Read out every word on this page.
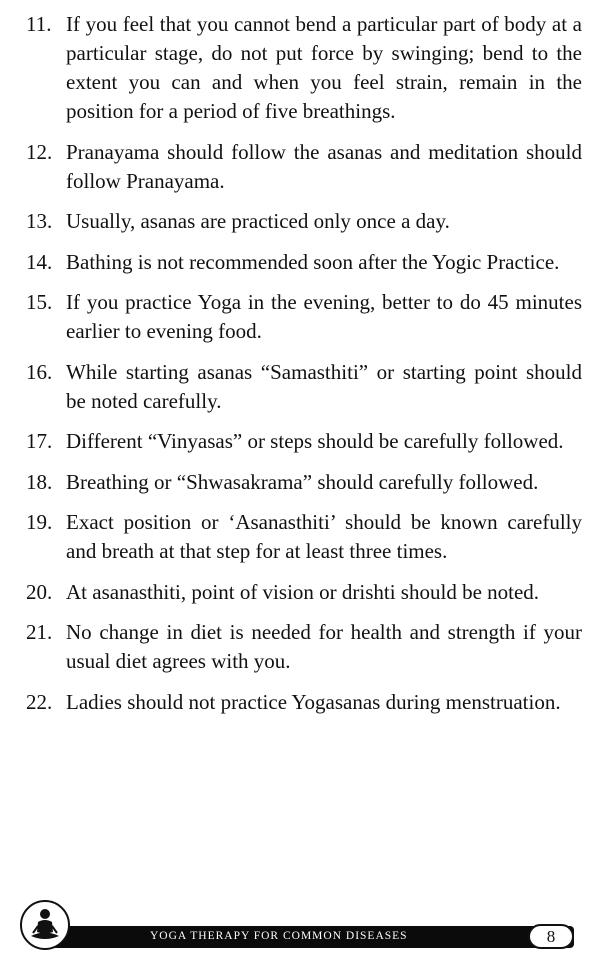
11. If you feel that you cannot bend a particular part of body at a particular stage, do not put force by swinging; bend to the extent you can and when you feel strain, remain in the position for a period of five breathings.
12. Pranayama should follow the asanas and meditation should follow Pranayama.
13. Usually, asanas are practiced only once a day.
14. Bathing is not recommended soon after the Yogic Practice.
15. If you practice Yoga in the evening, better to do 45 minutes earlier to evening food.
16. While starting asanas “Samasthiti” or starting point should be noted carefully.
17. Different “Vinyasas” or steps should be carefully followed.
18. Breathing or “Shwasakrama” should carefully followed.
19. Exact position or ‘Asanasthiti’ should be known carefully and breath at that step for at least three times.
20. At asanasthiti, point of vision or drishti should be noted.
21. No change in diet is needed for health and strength if your usual diet agrees with you.
22. Ladies should not practice Yogasanas during menstruation.
YOGA THERAPY FOR COMMON DISEASES	8
